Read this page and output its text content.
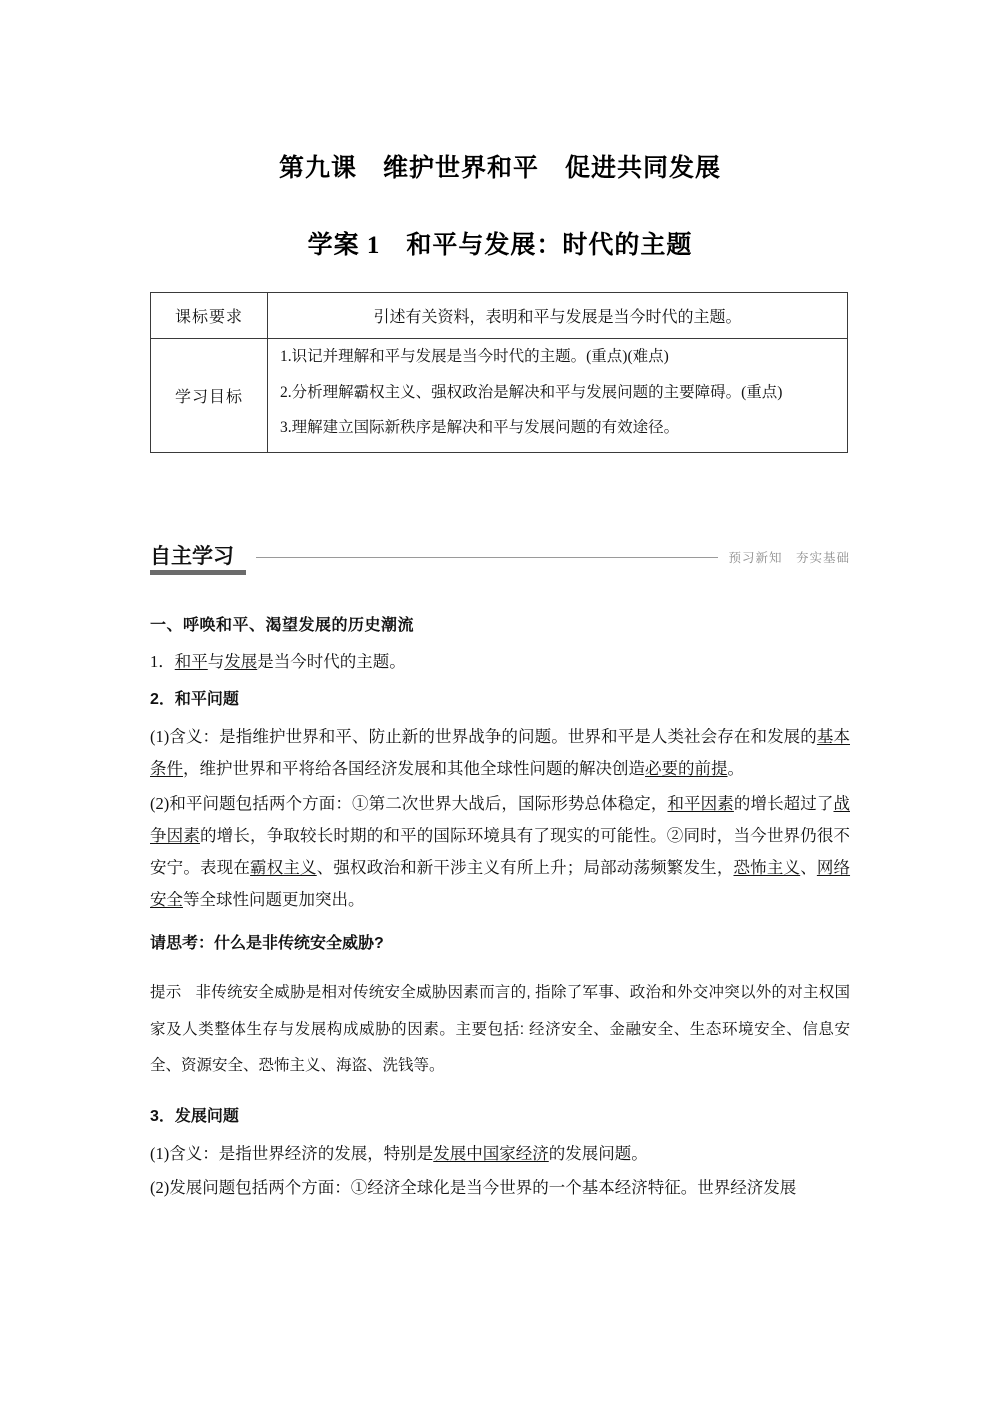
第九课　维护世界和平　促进共同发展
学案 1　和平与发展：时代的主题
课标要求	引述有关资料，表明和平与发展是当今时代的主题。
学习目标	1.识记并理解和平与发展是当今时代的主题。(重点)(难点)
2.分析理解霸权主义、强权政治是解决和平与发展问题的主要障碍。(重点)
3.理解建立国际新秩序是解决和平与发展问题的有效途径。
自主学习	预习新知　夯实基础

一、呼唤和平、渴望发展的历史潮流

1．和平与发展是当今时代的主题。

2．和平问题

(1)含义：是指维护世界和平、防止新的世界战争的问题。世界和平是人类社会存在和发展的基本条件，维护世界和平将给各国经济发展和其他全球性问题的解决创造必要的前提。

(2)和平问题包括两个方面：①第二次世界大战后，国际形势总体稳定，和平因素的增长超过了战争因素的增长，争取较长时期的和平的国际环境具有了现实的可能性。②同时，当今世界仍很不安宁。表现在霸权主义、强权政治和新干涉主义有所上升；局部动荡频繁发生，恐怖主义、网络安全等全球性问题更加突出。

请思考：什么是非传统安全威胁?

提示 非传统安全威胁是相对传统安全威胁因素而言的, 指除了军事、政治和外交冲突以外的对主权国家及人类整体生存与发展构成威胁的因素。主要包括: 经济安全、金融安全、生态环境安全、信息安全、资源安全、恐怖主义、海盗、洗钱等。

3．发展问题

(1)含义：是指世界经济的发展，特别是发展中国家经济的发展问题。

(2)发展问题包括两个方面：①经济全球化是当今世界的一个基本经济特征。世界经济发展
